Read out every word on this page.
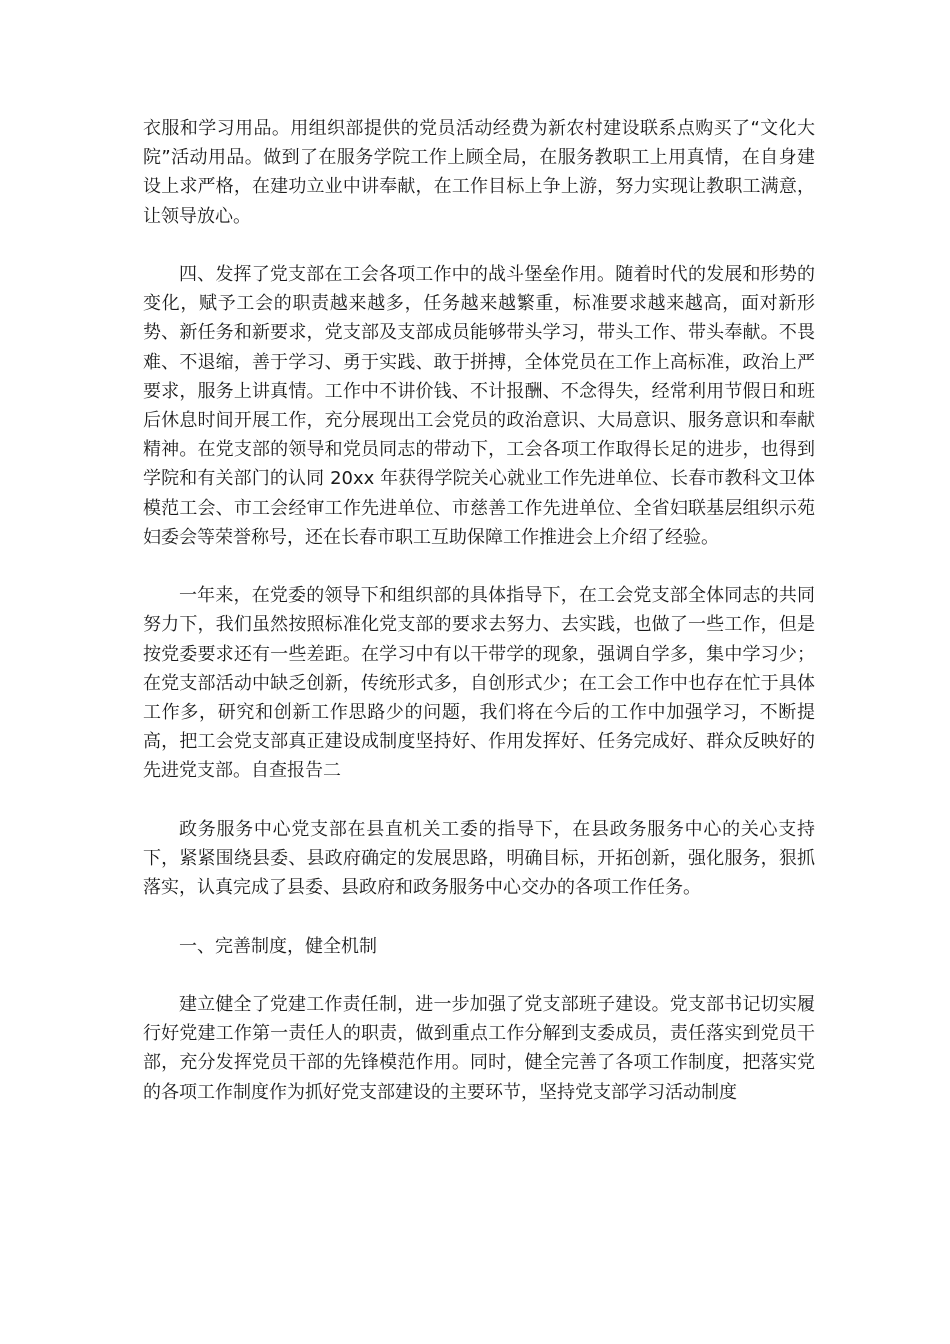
衣服和学习用品。用组织部提供的党员活动经费为新农村建设联系点购买了“文化大院”活动用品。做到了在服务学院工作上顾全局，在服务教职工上用真情，在自身建设上求严格，在建功立业中讲奉献，在工作目标上争上游，努力实现让教职工满意，让领导放心。

四、发挥了党支部在工会各项工作中的战斗堡垒作用。随着时代的发展和形势的变化，赋予工会的职责越来越多，任务越来越繁重，标准要求越来越高，面对新形势、新任务和新要求，党支部及支部成员能够带头学习，带头工作、带头奉献。不畏难、不退缩，善于学习、勇于实践、敢于拼搏，全体党员在工作上高标准，政治上严要求，服务上讲真情。工作中不讲价钱、不计报酬、不念得失，经常利用节假日和班后休息时间开展工作，充分展现出工会党员的政治意识、大局意识、服务意识和奉献精神。在党支部的领导和党员同志的带动下，工会各项工作取得长足的进步，也得到学院和有关部门的认同 20xx 年获得学院关心就业工作先进单位、长春市教科文卫体模范工会、市工会经审工作先进单位、市慈善工作先进单位、全省妇联基层组织示苑妇委会等荣誉称号，还在长春市职工互助保障工作推进会上介绍了经验。

一年来，在党委的领导下和组织部的具体指导下，在工会党支部全体同志的共同努力下，我们虽然按照标准化党支部的要求去努力、去实践，也做了一些工作，但是按党委要求还有一些差距。在学习中有以干带学的现象，强调自学多，集中学习少；在党支部活动中缺乏创新，传统形式多，自创形式少；在工会工作中也存在忙于具体工作多，研究和创新工作思路少的问题，我们将在今后的工作中加强学习，不断提高，把工会党支部真正建设成制度坚持好、作用发挥好、任务完成好、群众反映好的先进党支部。自查报告二

政务服务中心党支部在县直机关工委的指导下，在县政务服务中心的关心支持下，紧紧围绕县委、县政府确定的发展思路，明确目标，开拓创新，强化服务，狠抓落实，认真完成了县委、县政府和政务服务中心交办的各项工作任务。

一、完善制度，健全机制

建立健全了党建工作责任制，进一步加强了党支部班子建设。党支部书记切实履行好党建工作第一责任人的职责，做到重点工作分解到支委成员，责任落实到党员干部，充分发挥党员干部的先锋模范作用。同时，健全完善了各项工作制度，把落实党的各项工作制度作为抓好党支部建设的主要环节，坚持党支部学习活动制度
